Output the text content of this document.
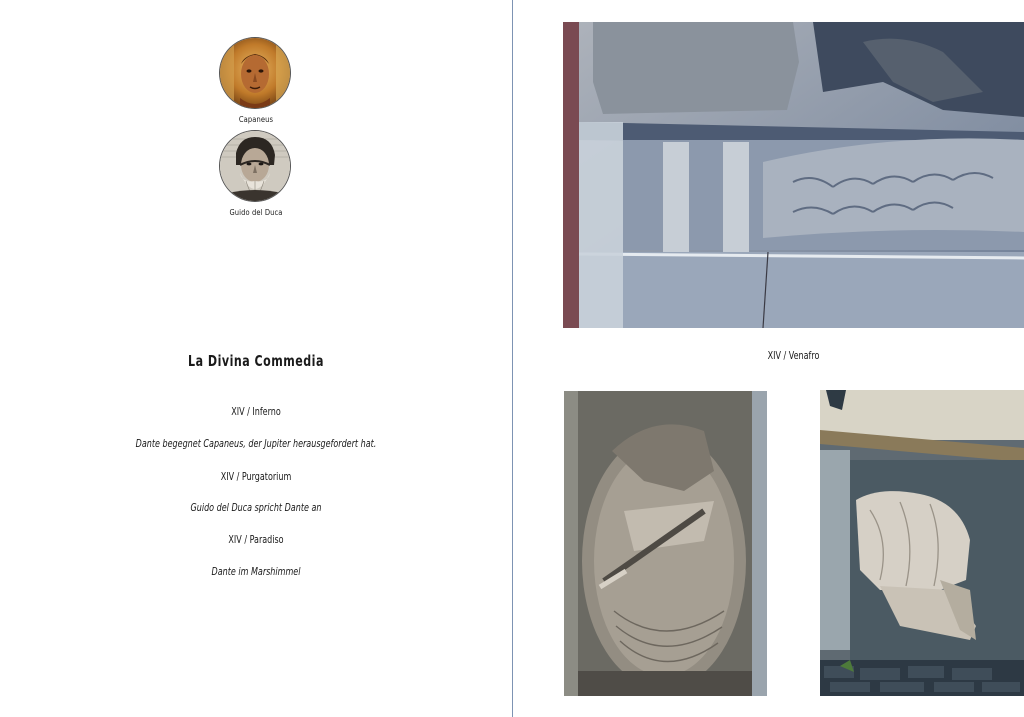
Capaneus
Guido del Duca
La Divina Commedia
XIV / Inferno
Dante begegnet Capaneus, der Jupiter herausgefordert hat.
XIV / Purgatorium
Guido del Duca spricht Dante an
XIV / Paradiso
Dante im Marshimmel
XIV / Venafro
